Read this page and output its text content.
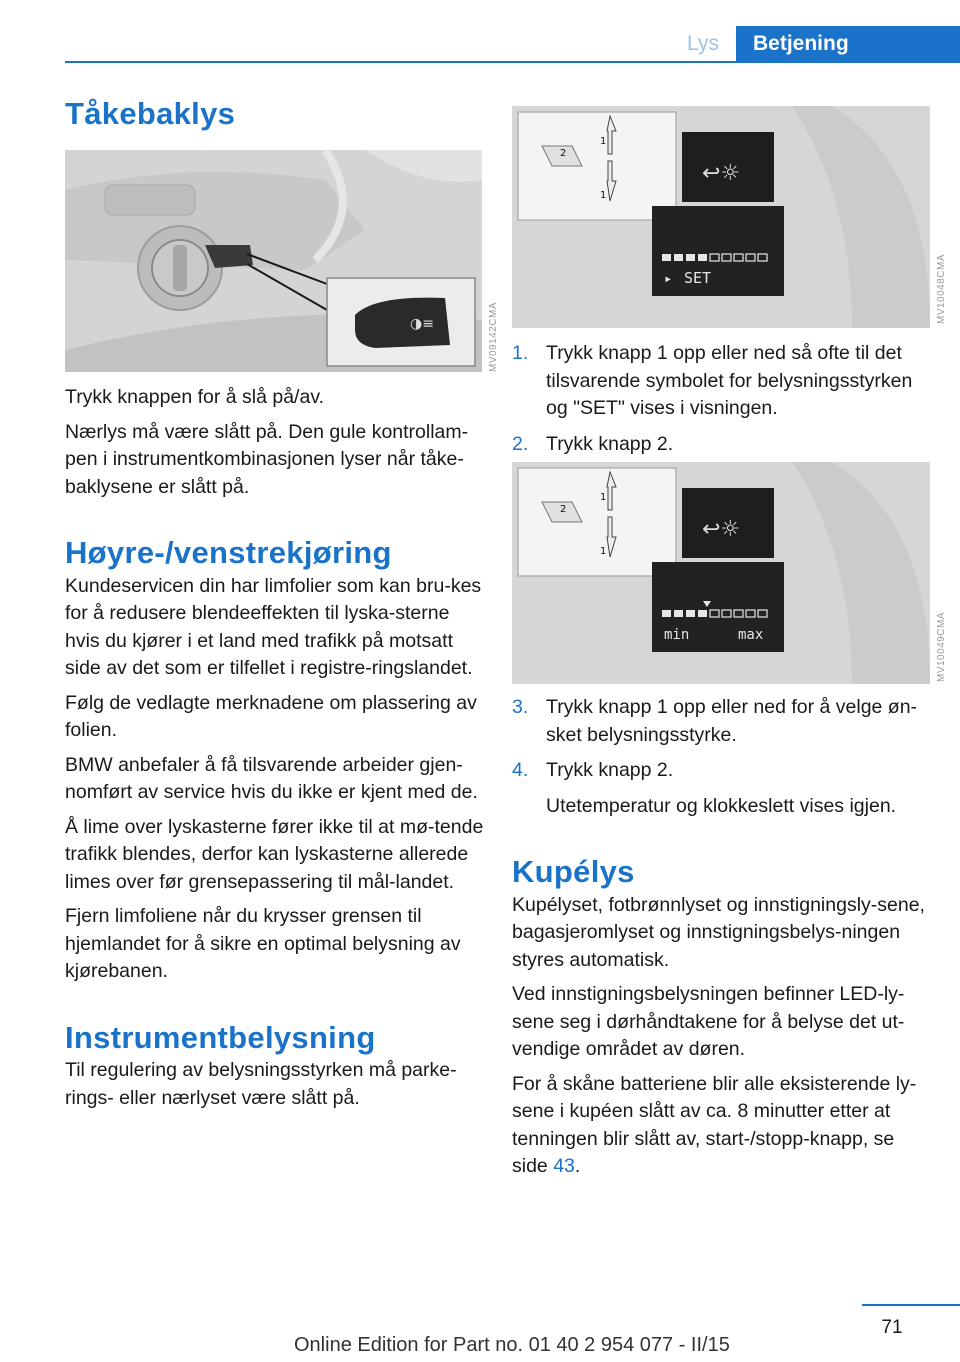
Lys	Betjening
Tåkebaklys
◑≡	MV09142CMA

Trykk knappen for å slå på/av.

Nærlys må være slått på. Den gule kontrollam-pen i instrumentkombinasjonen lyser når tåke-baklysene er slått på.

Høyre-/venstrekjøring

Kundeservicen din har limfolier som kan bru-kes for å redusere blendeeffekten til lyska-sterne hvis du kjører i et land med trafikk på motsatt side av det som er tilfellet i registre-ringslandet.

Følg de vedlagte merknadene om plassering av folien.

BMW anbefaler å få tilsvarende arbeider gjen-nomført av service hvis du ikke er kjent med de.

Å lime over lyskasterne fører ikke til at mø-tende trafikk blendes, derfor kan lyskasterne allerede limes over før grensepassering til mål-landet.

Fjern limfoliene når du krysser grensen til hjemlandet for å sikre en optimal belysning av kjørebanen.

Instrumentbelysning

Til regulering av belysningsstyrken må parke-rings- eller nærlyset være slått på.

1
1
2
↩☼
▸ SET	MV10048CMA
1. Trykk knapp 1 opp eller ned så ofte til det tilsvarende symbolet for belysningsstyrken og "SET" vises i visningen.
2. Trykk knapp 2.
1
1
2
↩☼
min	max	MV10049CMA
3. Trykk knapp 1 opp eller ned for å velge øn-sket belysningsstyrke.
4. Trykk knapp 2.
Utetemperatur og klokkeslett vises igjen.
Kupélys

Kupélyset, fotbrønnlyset og innstigningsly-sene, bagasjeromlyset og innstigningsbelys-ningen styres automatisk.

Ved innstigningsbelysningen befinner LED-ly-sene seg i dørhåndtakene for å belyse det ut-vendige området av døren.

For å skåne batteriene blir alle eksisterende ly-sene i kupéen slått av ca. 8 minutter etter at tenningen blir slått av, start-/stopp-knapp, se side 43.

71
Online Edition for Part no. 01 40 2 954 077 - II/15
